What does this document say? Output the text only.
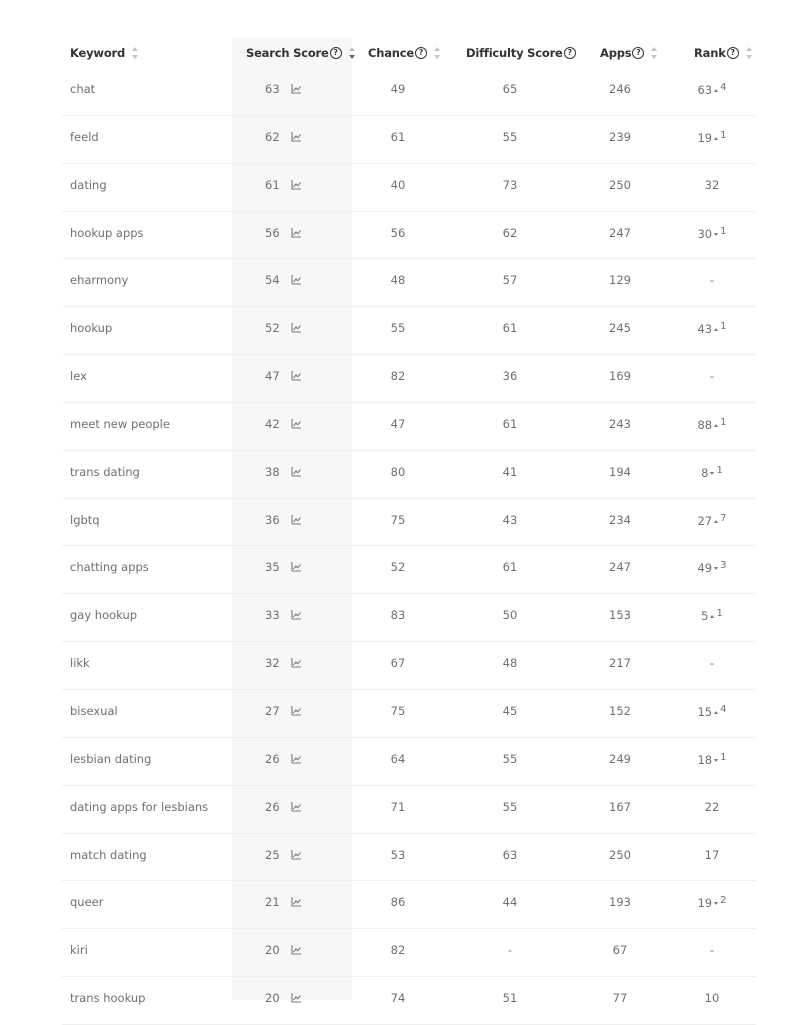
Keyword	Search Score ?	Chance ?	Difficulty Score ?	Apps ?	Rank ?
chat	63	49	65	246	63 4
feeld	62	61	55	239	19 1
dating	61	40	73	250	32
hookup apps	56	56	62	247	30 1
eharmony	54	48	57	129	-
hookup	52	55	61	245	43 1
lex	47	82	36	169	-
meet new people	42	47	61	243	88 1
trans dating	38	80	41	194	8 1
lgbtq	36	75	43	234	27 7
chatting apps	35	52	61	247	49 3
gay hookup	33	83	50	153	5 1
likk	32	67	48	217	-
bisexual	27	75	45	152	15 4
lesbian dating	26	64	55	249	18 1
dating apps for lesbians	26	71	55	167	22
match dating	25	53	63	250	17
queer	21	86	44	193	19 2
kiri	20	82	-	67	-
trans hookup	20	74	51	77	10
